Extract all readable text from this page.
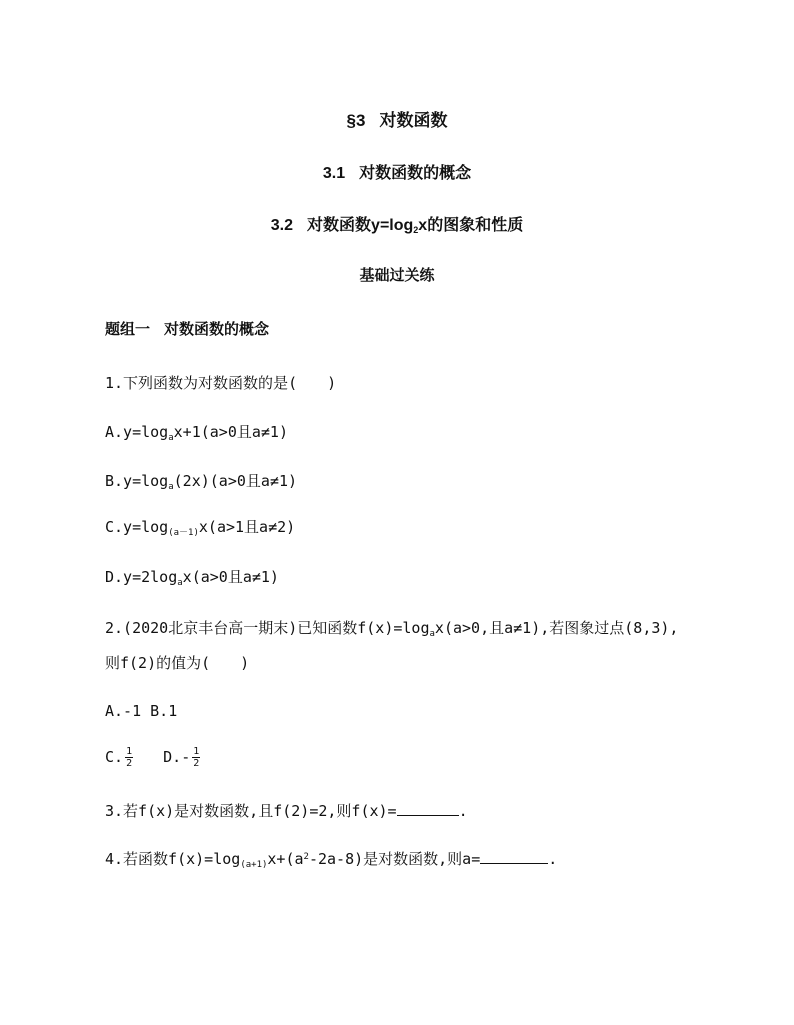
§3 对数函数
3.1 对数函数的概念
3.2 对数函数$y=\log_2x$的图象和性质
基础过关练
题组一 对数函数的概念
1.下列函数为对数函数的是(　　)
$A.y=\log_ax+1(a>0$且a≠1)
$B.y=\log_a(2x)(a>0$且a≠1)
$C.y=\log_{(a-1)}x(a>1$且a≠2)
$D.y=2\log_ax(a>0$且a≠1)
2.(2020北京丰台高一期末)已知函数$f(x)=\log_ax(a>0$,且a≠1),若图象过点(8,3),
则f(2)的值为(　　)
A.-1 B.1
C. $\frac{1}{2} D.- \frac{1}{2}$
3.若f(x)是对数函数,且f(2)=2,则f(x)=	.
4.若函数$f(x)=\log_{(a+1)}x+(a^2-2a-8)$是对数函数,则a=	.
